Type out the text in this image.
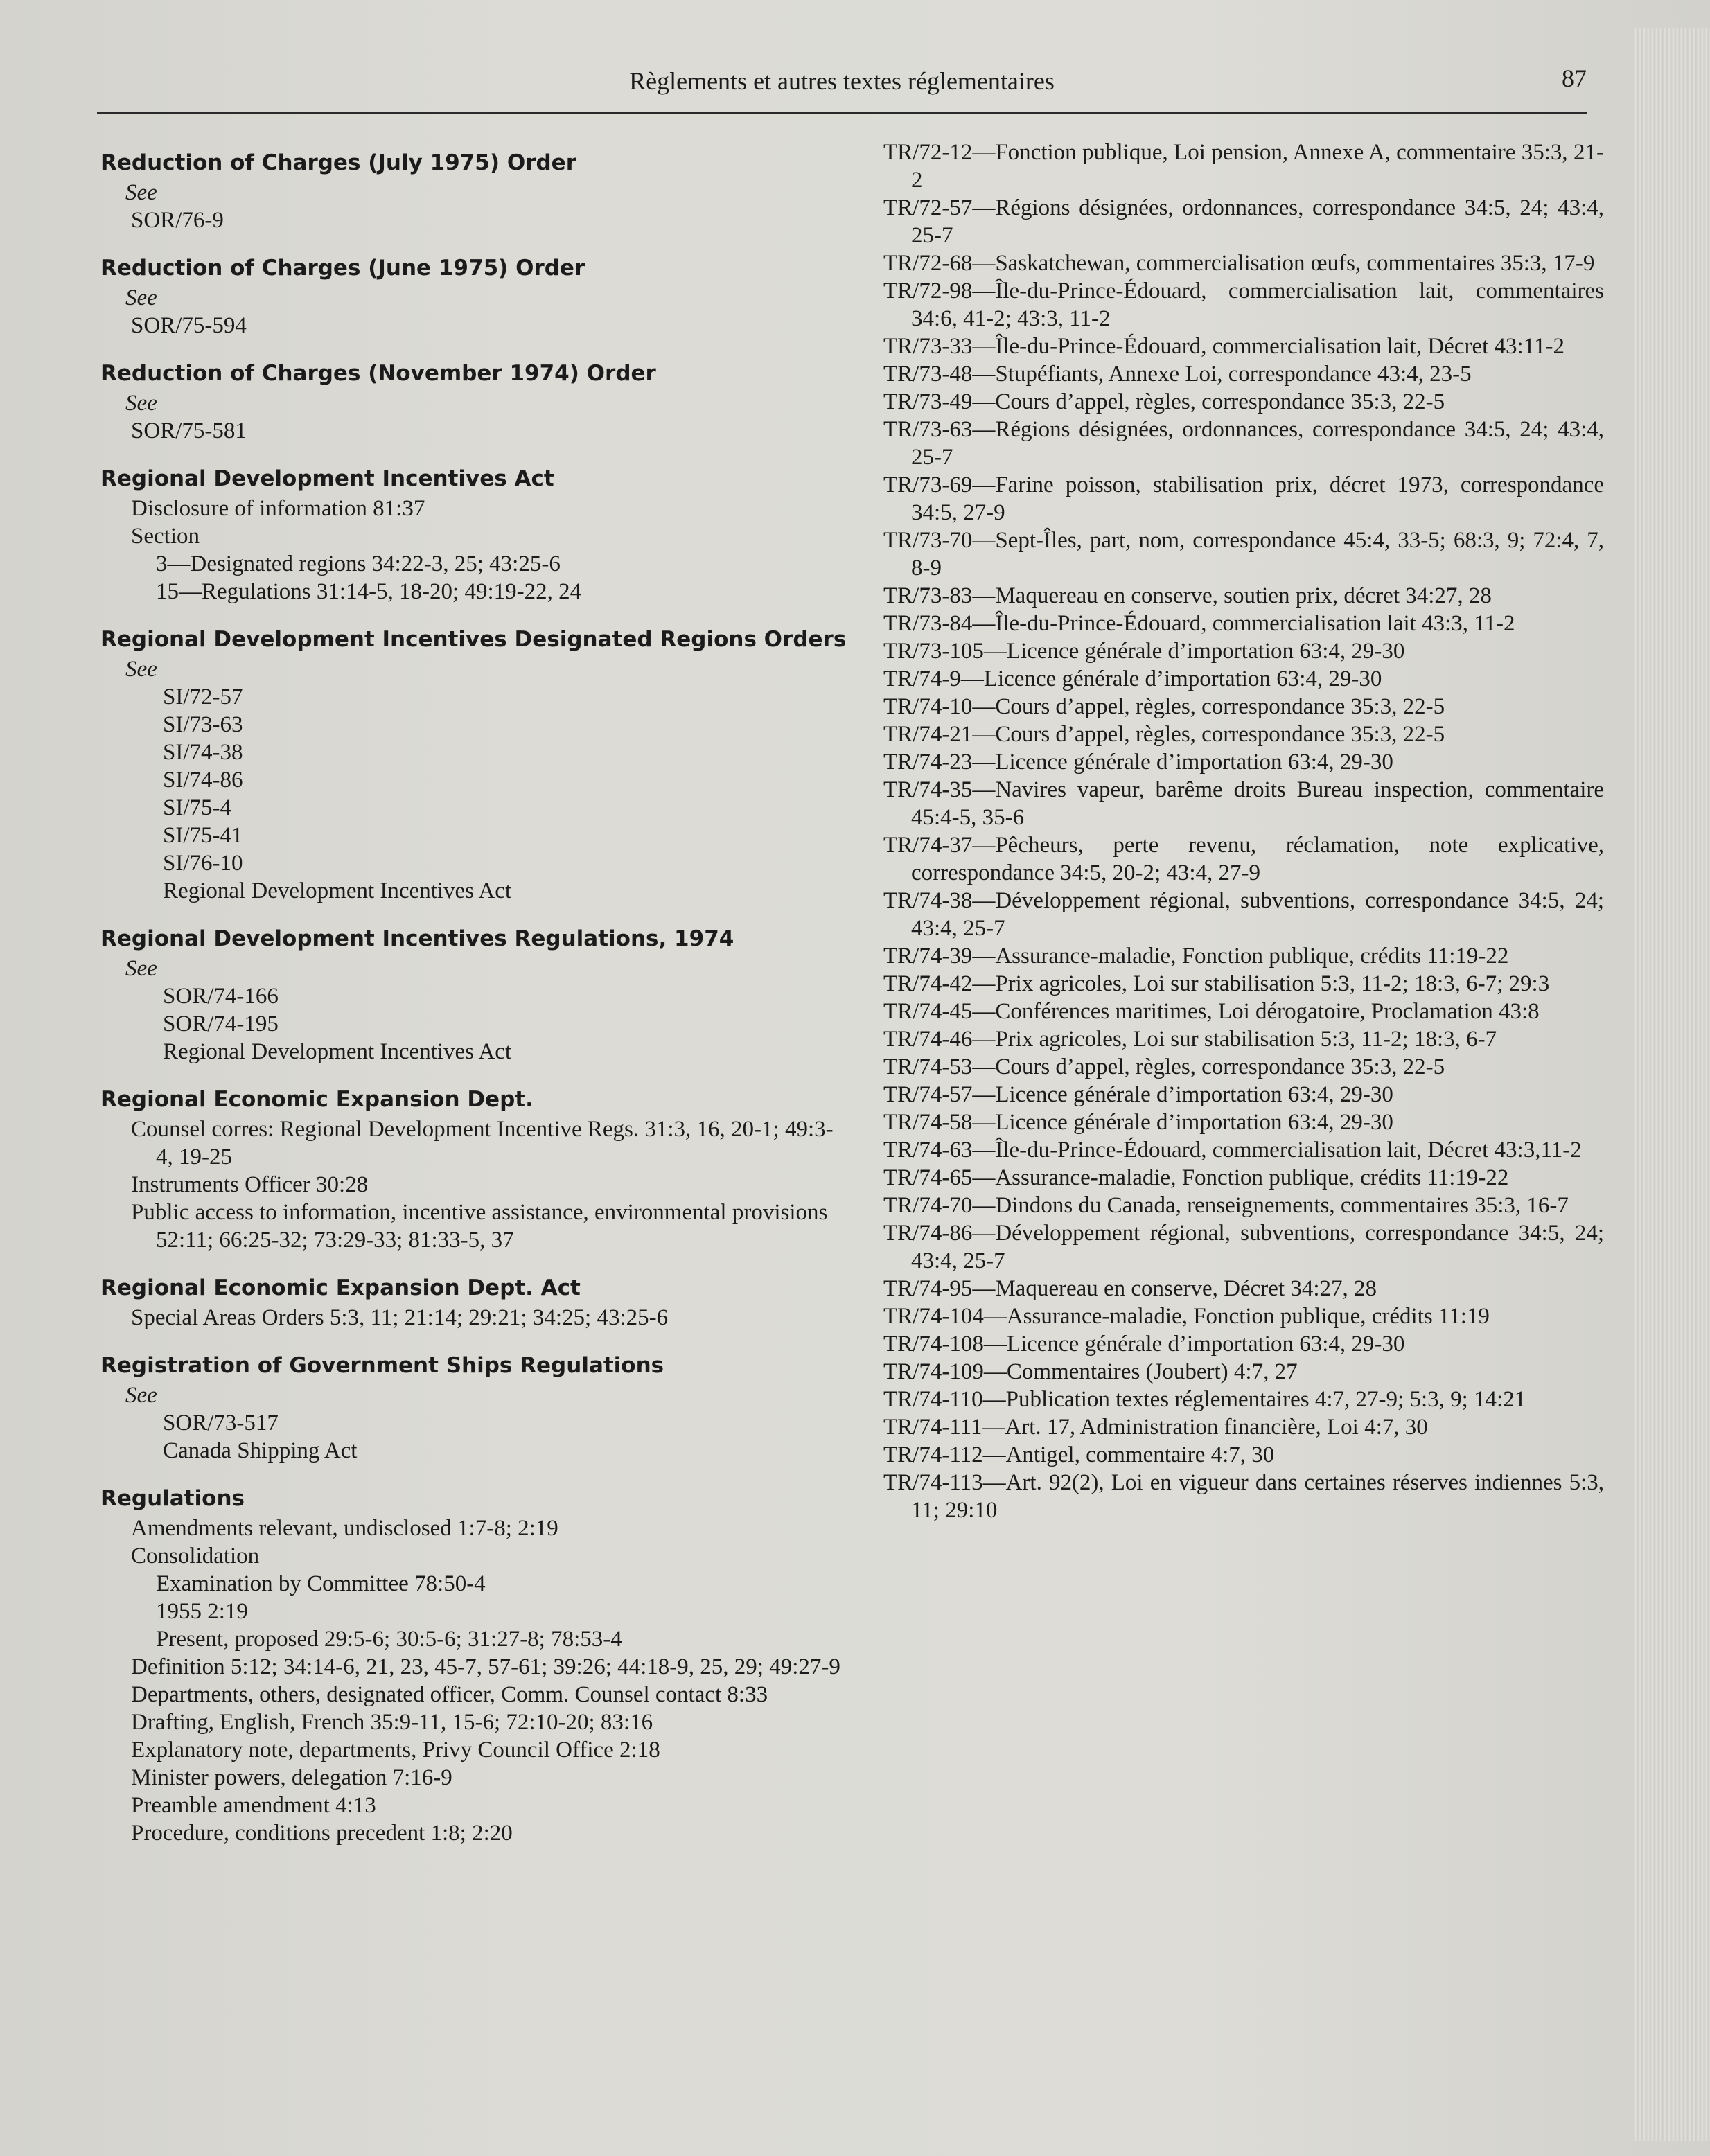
Règlements et autres textes réglementaires	87
Reduction of Charges (July 1975) Order
See
SOR/76-9
Reduction of Charges (June 1975) Order
See
SOR/75-594
Reduction of Charges (November 1974) Order
See
SOR/75-581
Regional Development Incentives Act
Disclosure of information 81:37
Section
3—Designated regions 34:22-3, 25; 43:25-6
15—Regulations 31:14-5, 18-20; 49:19-22, 24
Regional Development Incentives Designated Regions Orders
See
SI/72-57
SI/73-63
SI/74-38
SI/74-86
SI/75-4
SI/75-41
SI/76-10
Regional Development Incentives Act
Regional Development Incentives Regulations, 1974
See
SOR/74-166
SOR/74-195
Regional Development Incentives Act
Regional Economic Expansion Dept.
Counsel corres: Regional Development Incentive Regs. 31:3, 16, 20-1; 49:3-4, 19-25
Instruments Officer 30:28
Public access to information, incentive assistance, environmental provisions 52:11; 66:25-32; 73:29-33; 81:33-5, 37
Regional Economic Expansion Dept. Act
Special Areas Orders 5:3, 11; 21:14; 29:21; 34:25; 43:25-6
Registration of Government Ships Regulations
See
SOR/73-517
Canada Shipping Act
Regulations
Amendments relevant, undisclosed 1:7-8; 2:19
Consolidation
Examination by Committee 78:50-4
1955 2:19
Present, proposed 29:5-6; 30:5-6; 31:27-8; 78:53-4
Definition 5:12; 34:14-6, 21, 23, 45-7, 57-61; 39:26; 44:18-9, 25, 29; 49:27-9
Departments, others, designated officer, Comm. Counsel contact 8:33
Drafting, English, French 35:9-11, 15-6; 72:10-20; 83:16
Explanatory note, departments, Privy Council Office 2:18
Minister powers, delegation 7:16-9
Preamble amendment 4:13
Procedure, conditions precedent 1:8; 2:20
TR/72-12—Fonction publique, Loi pension, Annexe A, commentaire 35:3, 21-2
TR/72-57—Régions désignées, ordonnances, correspondance 34:5, 24; 43:4, 25-7
TR/72-68—Saskatchewan, commercialisation œufs, commentaires 35:3, 17-9
TR/72-98—Île-du-Prince-Édouard, commercialisation lait, commentaires 34:6, 41-2; 43:3, 11-2
TR/73-33—Île-du-Prince-Édouard, commercialisation lait, Décret 43:11-2
TR/73-48—Stupéfiants, Annexe Loi, correspondance 43:4, 23-5
TR/73-49—Cours d’appel, règles, correspondance 35:3, 22-5
TR/73-63—Régions désignées, ordonnances, correspondance 34:5, 24; 43:4, 25-7
TR/73-69—Farine poisson, stabilisation prix, décret 1973, correspondance 34:5, 27-9
TR/73-70—Sept-Îles, part, nom, correspondance 45:4, 33-5; 68:3, 9; 72:4, 7, 8-9
TR/73-83—Maquereau en conserve, soutien prix, décret 34:27, 28
TR/73-84—Île-du-Prince-Édouard, commercialisation lait 43:3, 11-2
TR/73-105—Licence générale d’importation 63:4, 29-30
TR/74-9—Licence générale d’importation 63:4, 29-30
TR/74-10—Cours d’appel, règles, correspondance 35:3, 22-5
TR/74-21—Cours d’appel, règles, correspondance 35:3, 22-5
TR/74-23—Licence générale d’importation 63:4, 29-30
TR/74-35—Navires vapeur, barême droits Bureau inspection, commentaire 45:4-5, 35-6
TR/74-37—Pêcheurs, perte revenu, réclamation, note explicative, correspondance 34:5, 20-2; 43:4, 27-9
TR/74-38—Développement régional, subventions, correspondance 34:5, 24; 43:4, 25-7
TR/74-39—Assurance-maladie, Fonction publique, crédits 11:19-22
TR/74-42—Prix agricoles, Loi sur stabilisation 5:3, 11-2; 18:3, 6-7; 29:3
TR/74-45—Conférences maritimes, Loi dérogatoire, Proclamation 43:8
TR/74-46—Prix agricoles, Loi sur stabilisation 5:3, 11-2; 18:3, 6-7
TR/74-53—Cours d’appel, règles, correspondance 35:3, 22-5
TR/74-57—Licence générale d’importation 63:4, 29-30
TR/74-58—Licence générale d’importation 63:4, 29-30
TR/74-63—Île-du-Prince-Édouard, commercialisation lait, Décret 43:3,11-2
TR/74-65—Assurance-maladie, Fonction publique, crédits 11:19-22
TR/74-70—Dindons du Canada, renseignements, commentaires 35:3, 16-7
TR/74-86—Développement régional, subventions, correspondance 34:5, 24; 43:4, 25-7
TR/74-95—Maquereau en conserve, Décret 34:27, 28
TR/74-104—Assurance-maladie, Fonction publique, crédits 11:19
TR/74-108—Licence générale d’importation 63:4, 29-30
TR/74-109—Commentaires (Joubert) 4:7, 27
TR/74-110—Publication textes réglementaires 4:7, 27-9; 5:3, 9; 14:21
TR/74-111—Art. 17, Administration financière, Loi 4:7, 30
TR/74-112—Antigel, commentaire 4:7, 30
TR/74-113—Art. 92(2), Loi en vigueur dans certaines réserves indiennes 5:3, 11; 29:10
